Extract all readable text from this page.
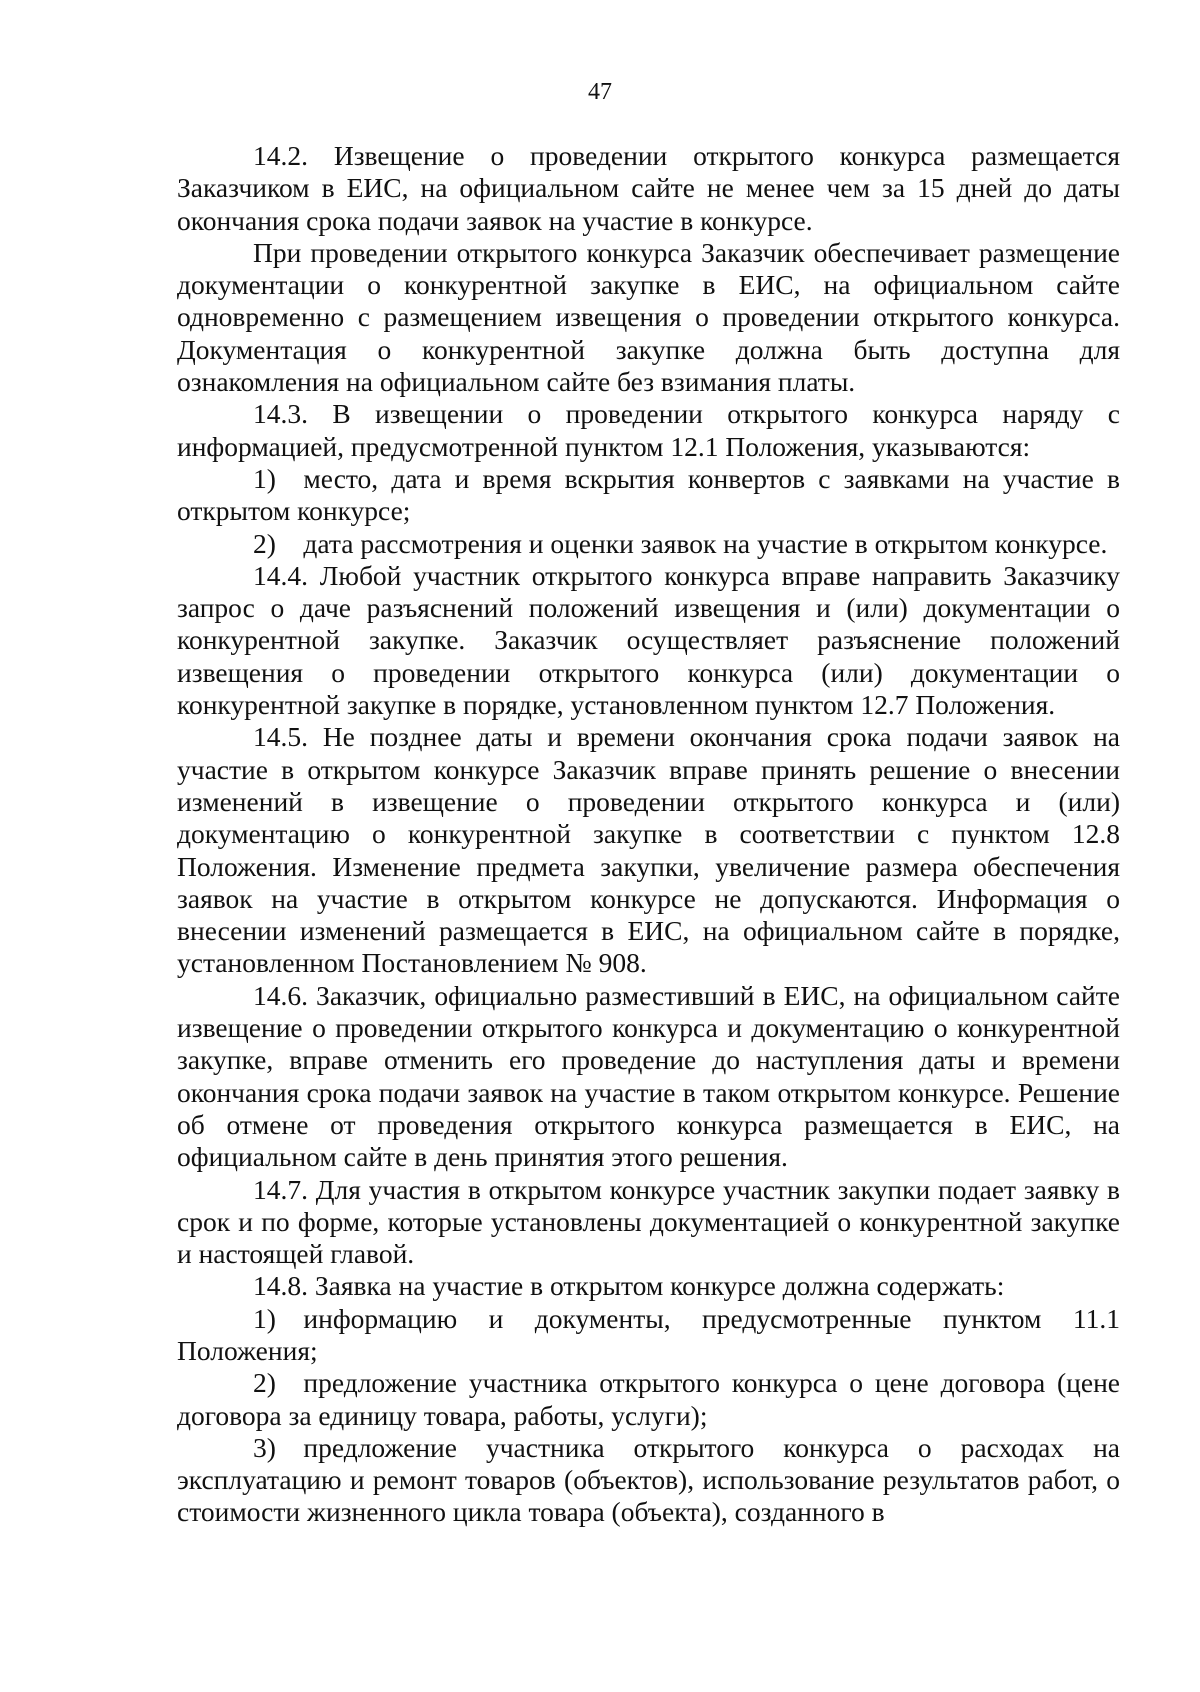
47

14.2. Извещение о проведении открытого конкурса размещается Заказчиком в ЕИС, на официальном сайте не менее чем за 15 дней до даты окончания срока подачи заявок на участие в конкурсе.

При проведении открытого конкурса Заказчик обеспечивает размещение документации о конкурентной закупке в ЕИС, на официальном сайте одновременно с размещением извещения о проведении открытого конкурса. Документация о конкурентной закупке должна быть доступна для ознакомления на официальном сайте без взимания платы.

14.3. В извещении о проведении открытого конкурса наряду с информацией, предусмотренной пунктом 12.1 Положения, указываются:

1) место, дата и время вскрытия конвертов с заявками на участие в открытом конкурсе;

2) дата рассмотрения и оценки заявок на участие в открытом конкурсе.

14.4. Любой участник открытого конкурса вправе направить Заказчику запрос о даче разъяснений положений извещения и (или) документации о конкурентной закупке. Заказчик осуществляет разъяснение положений извещения о проведении открытого конкурса (или) документации о конкурентной закупке в порядке, установленном пунктом 12.7 Положения.

14.5. Не позднее даты и времени окончания срока подачи заявок на участие в открытом конкурсе Заказчик вправе принять решение о внесении изменений в извещение о проведении открытого конкурса и (или) документацию о конкурентной закупке в соответствии с пунктом 12.8 Положения. Изменение предмета закупки, увеличение размера обеспечения заявок на участие в открытом конкурсе не допускаются. Информация о внесении изменений размещается в ЕИС, на официальном сайте в порядке, установленном Постановлением № 908.

14.6. Заказчик, официально разместивший в ЕИС, на официальном сайте извещение о проведении открытого конкурса и документацию о конкурентной закупке, вправе отменить его проведение до наступления даты и времени окончания срока подачи заявок на участие в таком открытом конкурсе. Решение об отмене от проведения открытого конкурса размещается в ЕИС, на официальном сайте в день принятия этого решения.

14.7. Для участия в открытом конкурсе участник закупки подает заявку в срок и по форме, которые установлены документацией о конкурентной закупке и настоящей главой.

14.8. Заявка на участие в открытом конкурсе должна содержать:

1) информацию и документы, предусмотренные пунктом 11.1 Положения;

2) предложение участника открытого конкурса о цене договора (цене договора за единицу товара, работы, услуги);

3) предложение участника открытого конкурса о расходах на эксплуатацию и ремонт товаров (объектов), использование результатов работ, о стоимости жизненного цикла товара (объекта), созданного в
